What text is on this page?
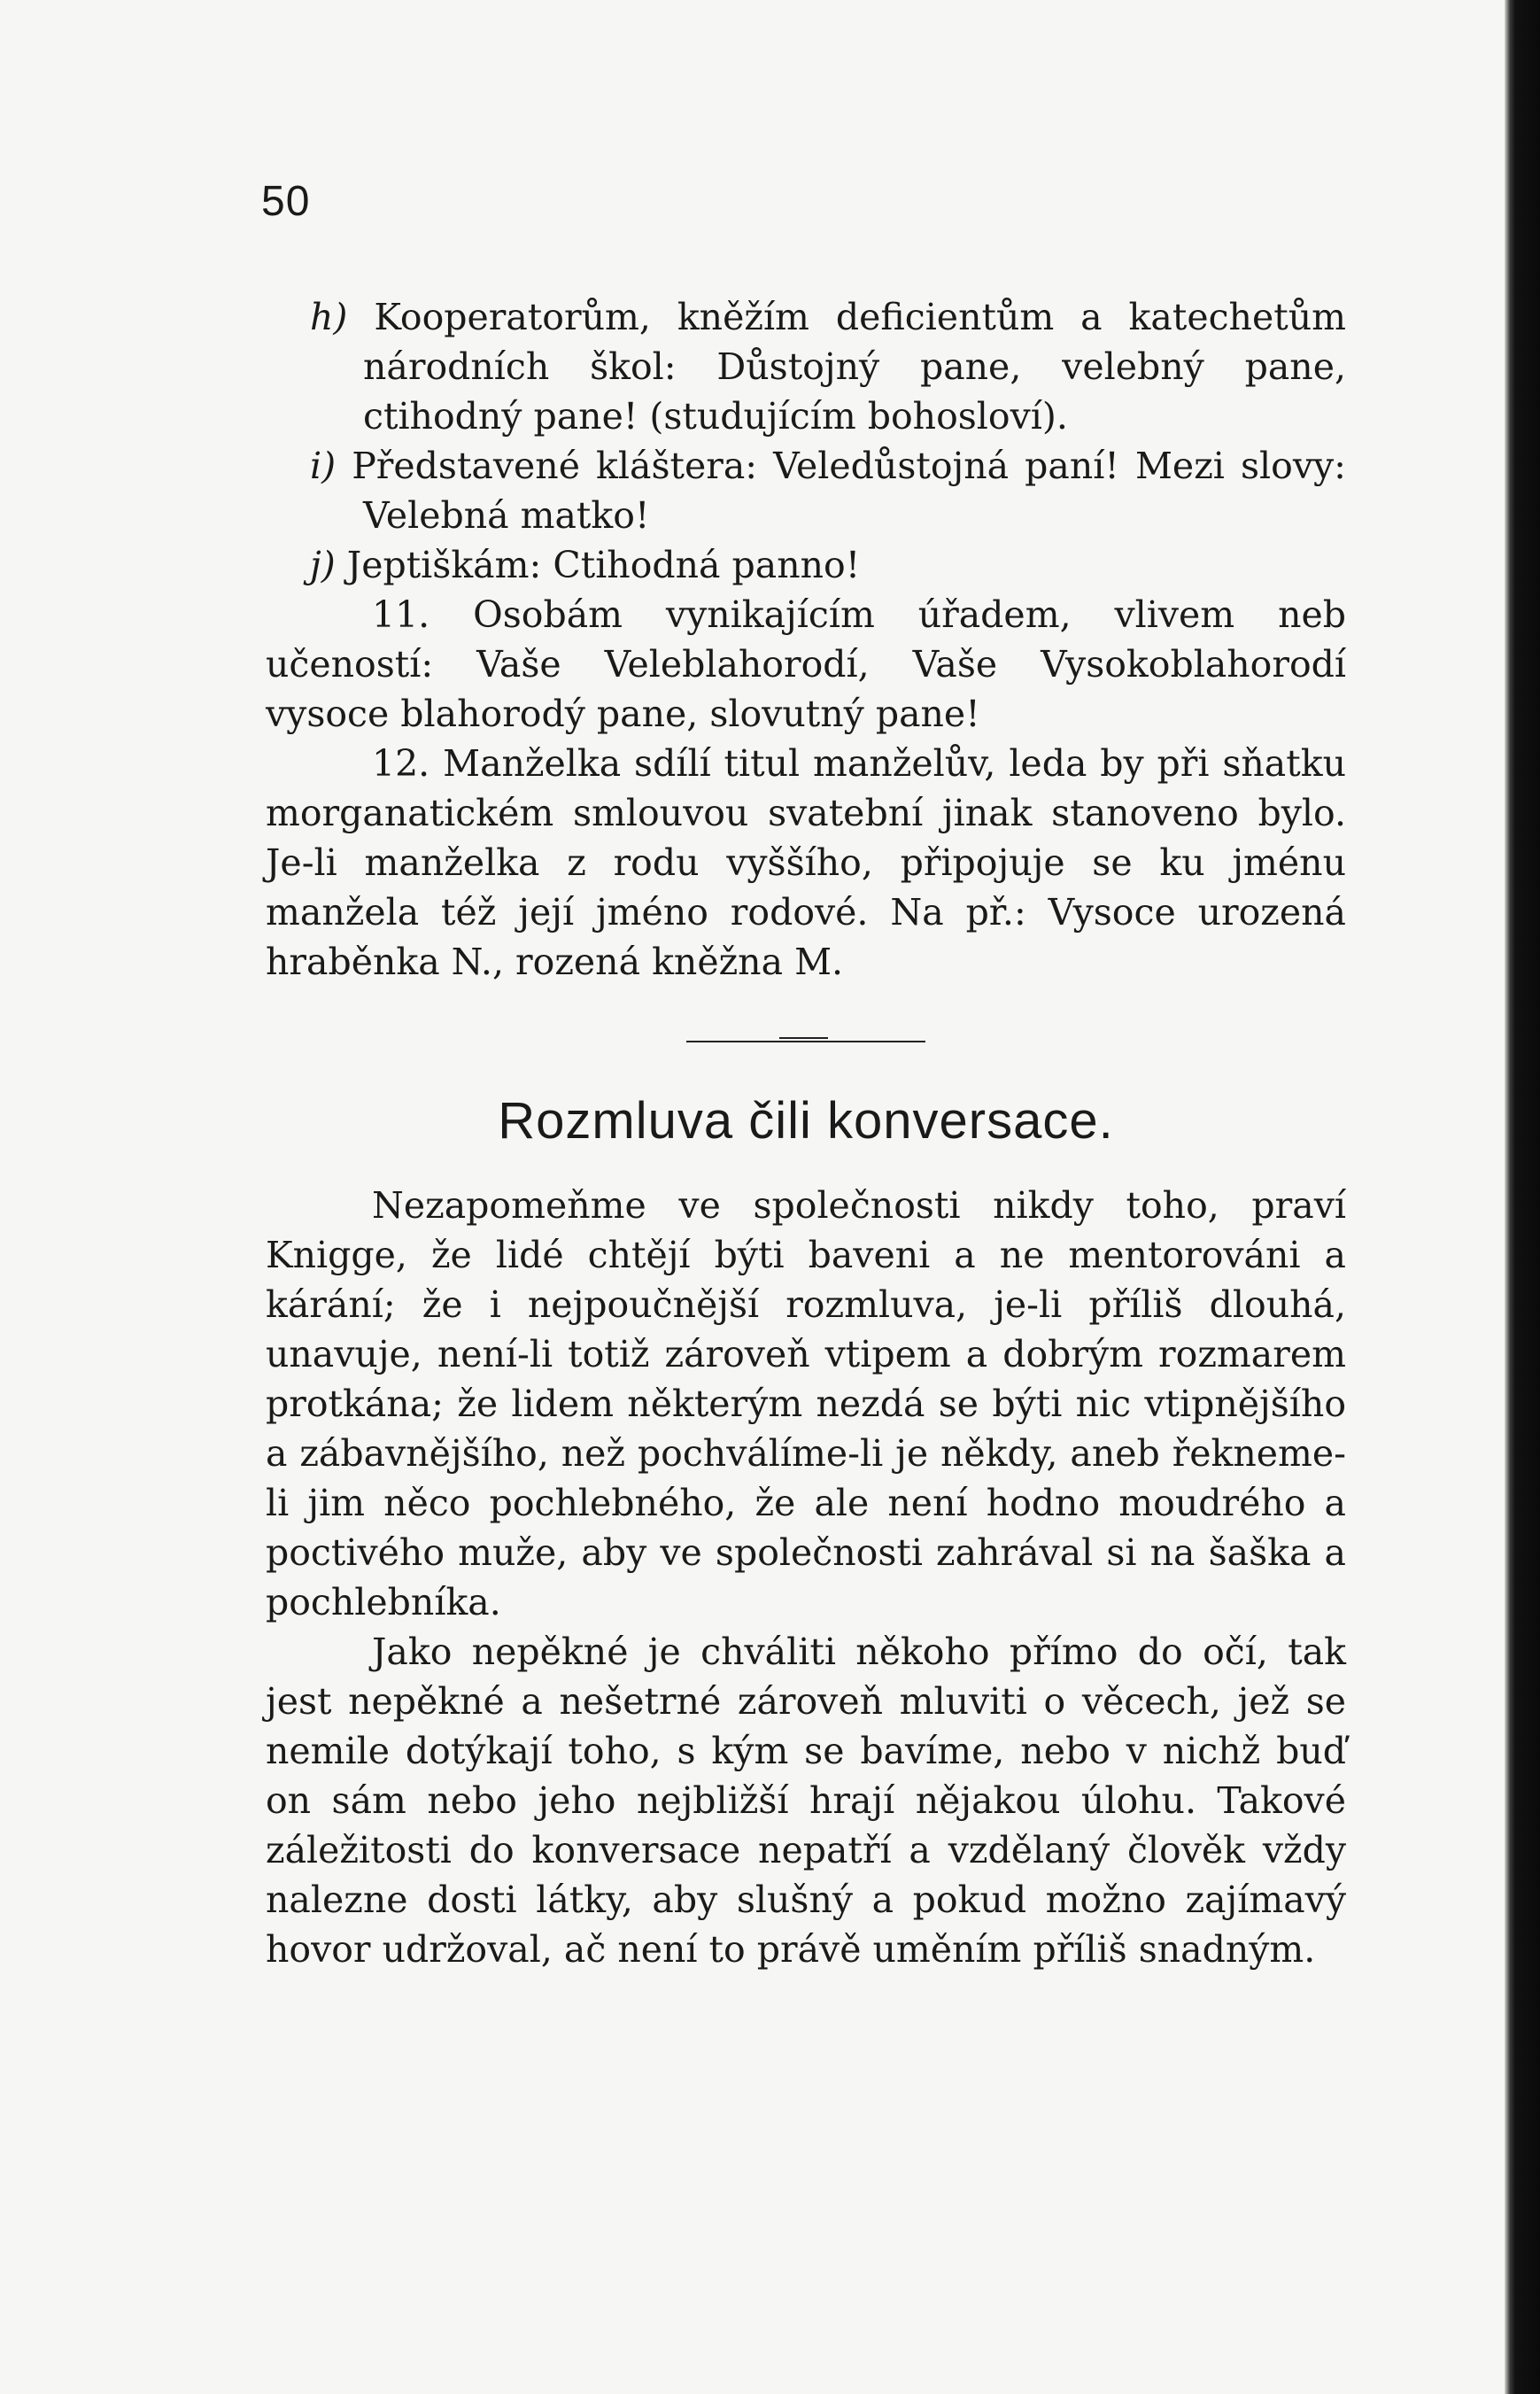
50

h) Kooperatorům, kněžím deficientům a katechetům národních škol: Důstojný pane, velebný pane, ctihodný pane! (studujícím bohosloví).

i) Představené kláštera: Veledůstojná paní! Mezi slovy: Velebná matko!

j) Jeptiškám: Ctihodná panno!

11. Osobám vynikajícím úřadem, vlivem neb učeností: Vaše Veleblahorodí, Vaše Vysokoblahorodí vysoce blahorodý pane, slovutný pane!

12. Manželka sdílí titul manželův, leda by při sňatku morganatickém smlouvou svatební jinak stanoveno bylo. Je-li manželka z rodu vyššího, připojuje se ku jménu manžela též její jméno rodové. Na př.: Vysoce urozená hraběnka N., rozená kněžna M.

Rozmluva čili konversace.

Nezapomeňme ve společnosti nikdy toho, praví Knigge, že lidé chtějí býti baveni a ne mentorováni a kárání; že i nejpoučnější rozmluva, je-li příliš dlouhá, unavuje, není-li totiž zároveň vtipem a dobrým rozmarem protkána; že lidem některým nezdá se býti nic vtipnějšího a zábavnějšího, než pochválíme-li je někdy, aneb řekneme-li jim něco pochlebného, že ale není hodno moudrého a poctivého muže, aby ve společnosti zahrával si na šaška a pochlebníka.

Jako nepěkné je chváliti někoho přímo do očí, tak jest nepěkné a nešetrné zároveň mluviti o věcech, jež se nemile dotýkají toho, s kým se bavíme, nebo v nichž buď on sám nebo jeho nejbližší hrají nějakou úlohu. Takové záležitosti do konversace nepatří a vzdělaný člověk vždy nalezne dosti látky, aby slušný a pokud možno zajímavý hovor udržoval, ač není to právě uměním příliš snadným.
